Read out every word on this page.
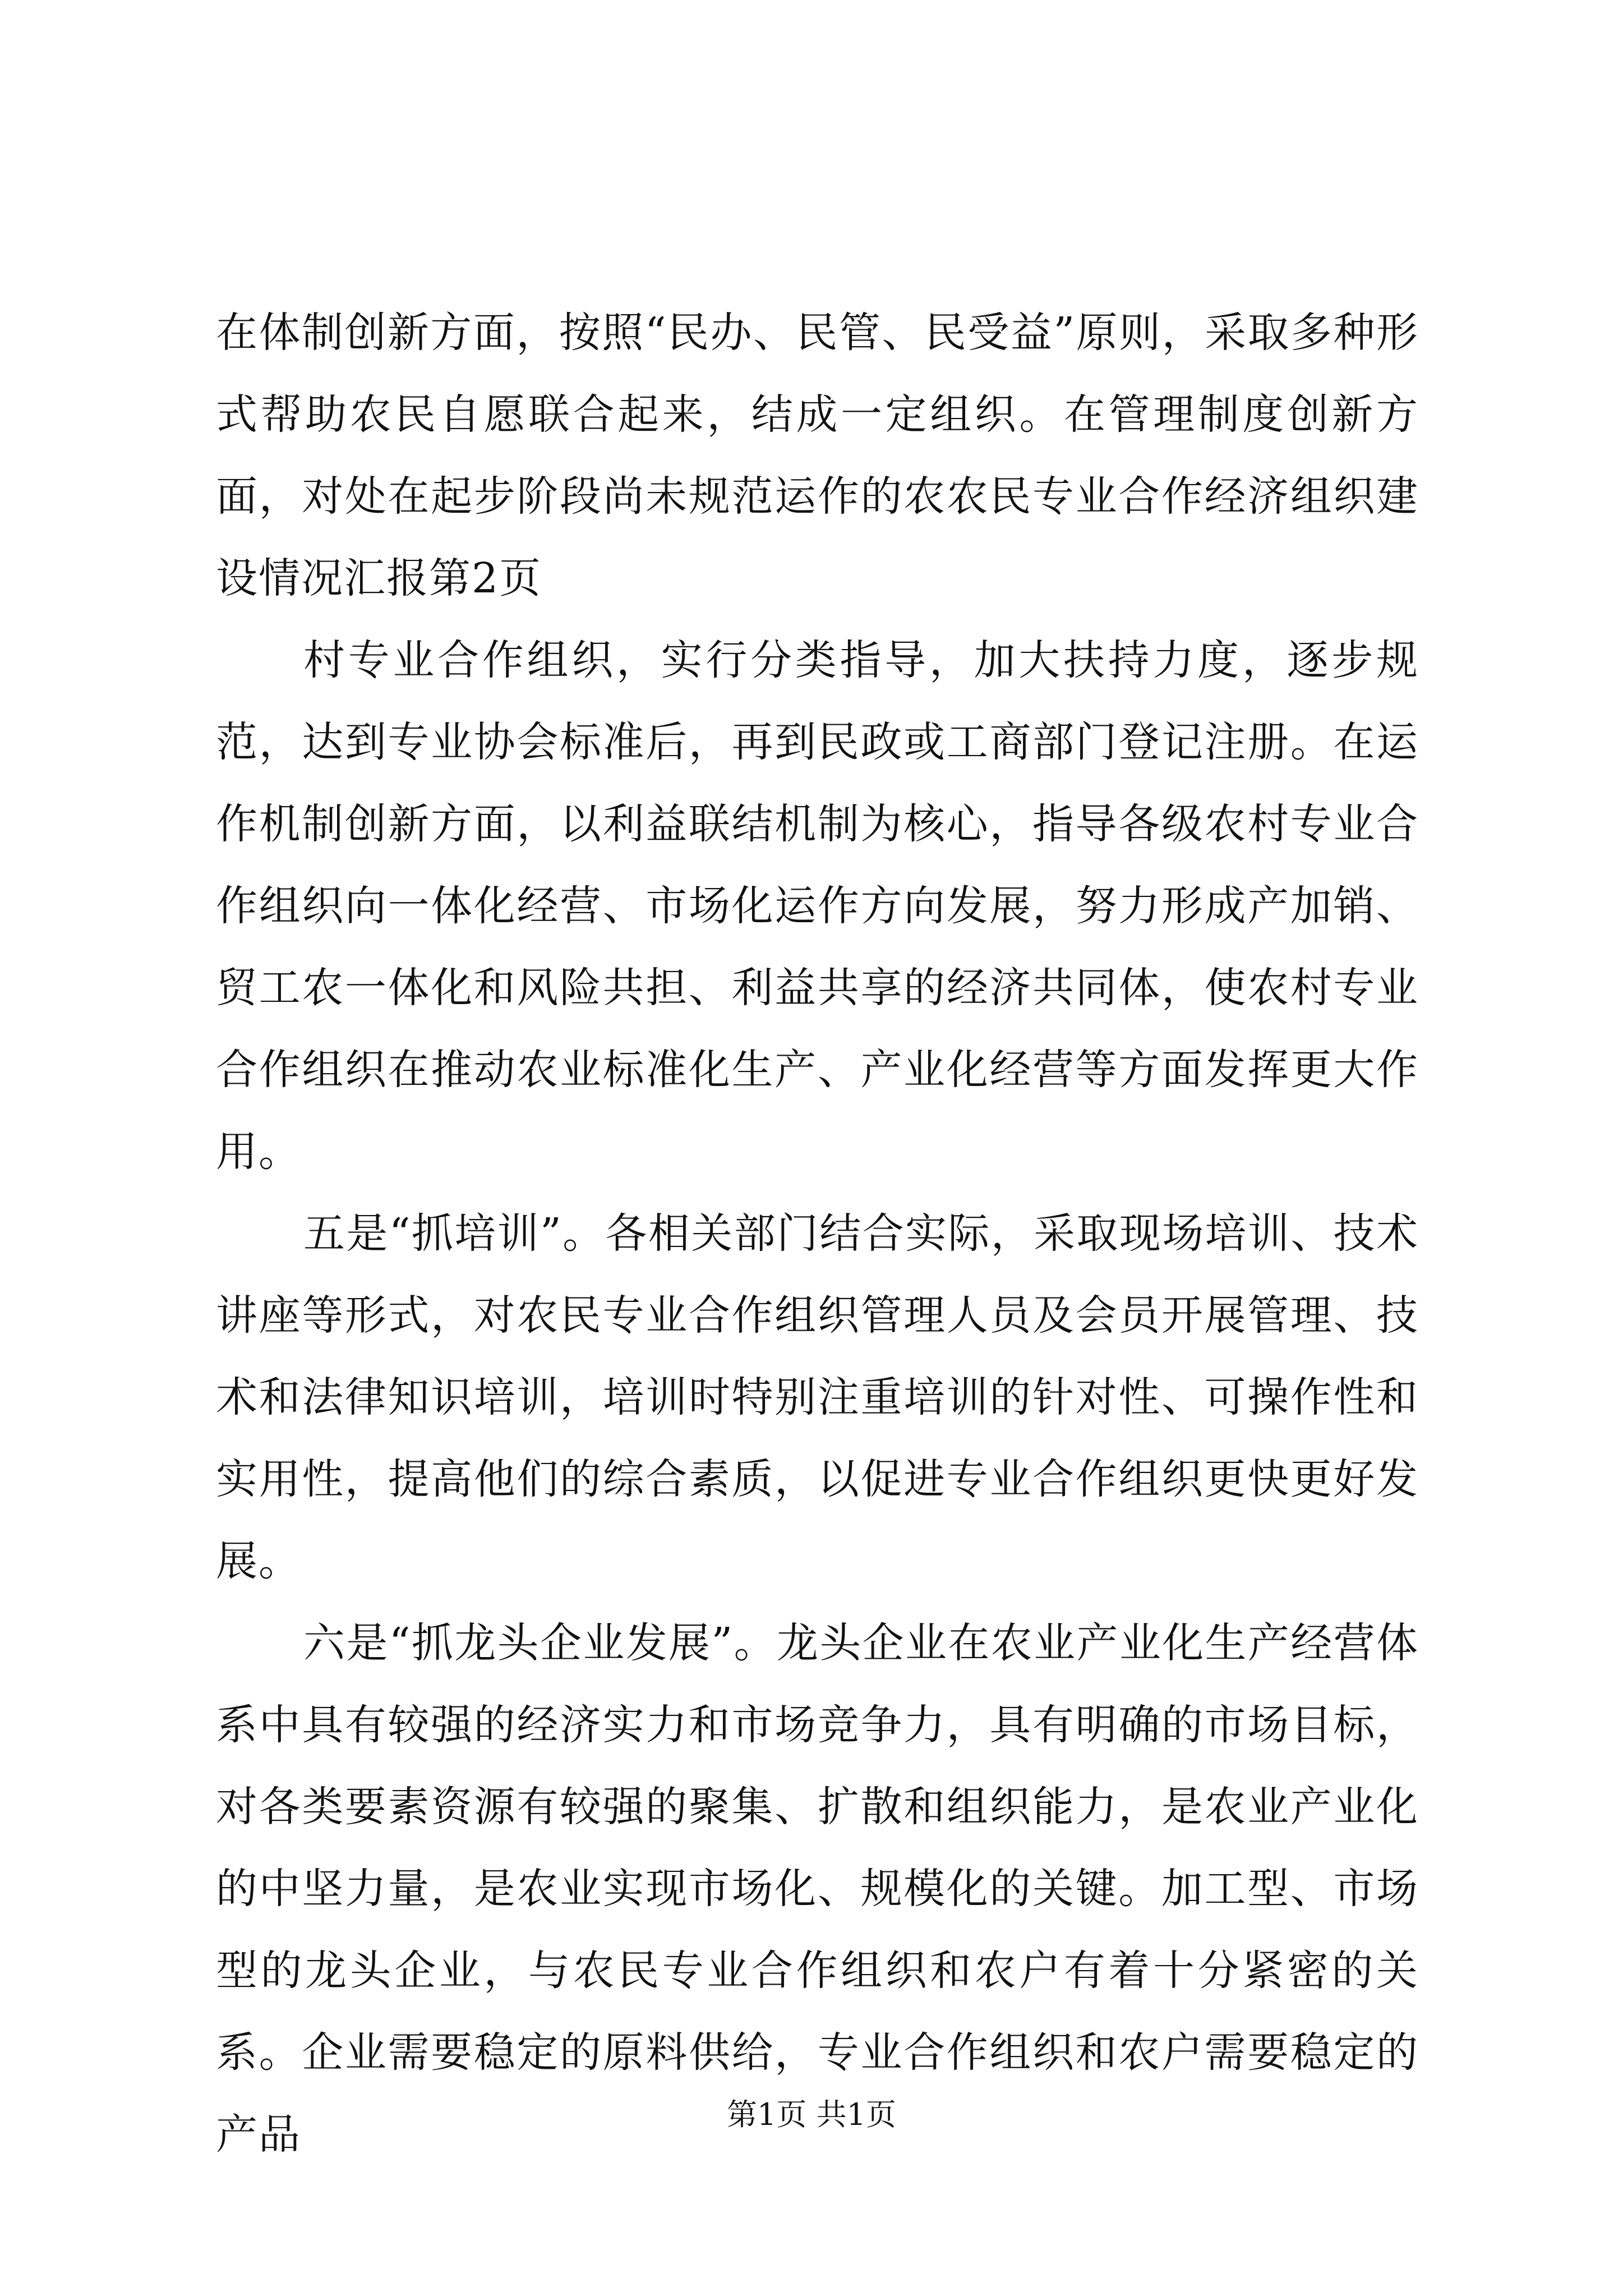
在体制创新方面，按照“民办、民管、民受益”原则，采取多种形式帮助农民自愿联合起来，结成一定组织。在管理制度创新方面，对处在起步阶段尚未规范运作的农农民专业合作经济组织建设情况汇报第2页

村专业合作组织，实行分类指导，加大扶持力度，逐步规范，达到专业协会标准后，再到民政或工商部门登记注册。在运作机制创新方面，以利益联结机制为核心，指导各级农村专业合作组织向一体化经营、市场化运作方向发展，努力形成产加销、贸工农一体化和风险共担、利益共享的经济共同体，使农村专业合作组织在推动农业标准化生产、产业化经营等方面发挥更大作用。

五是“抓培训”。各相关部门结合实际，采取现场培训、技术讲座等形式，对农民专业合作组织管理人员及会员开展管理、技术和法律知识培训，培训时特别注重培训的针对性、可操作性和实用性，提高他们的综合素质，以促进专业合作组织更快更好发展。

六是“抓龙头企业发展”。龙头企业在农业产业化生产经营体系中具有较强的经济实力和市场竞争力，具有明确的市场目标，对各类要素资源有较强的聚集、扩散和组织能力，是农业产业化的中坚力量，是农业实现市场化、规模化的关键。加工型、市场型的龙头企业，与农民专业合作组织和农户有着十分紧密的关系。企业需要稳定的原料供给，专业合作组织和农户需要稳定的产品	第1页 共1页
